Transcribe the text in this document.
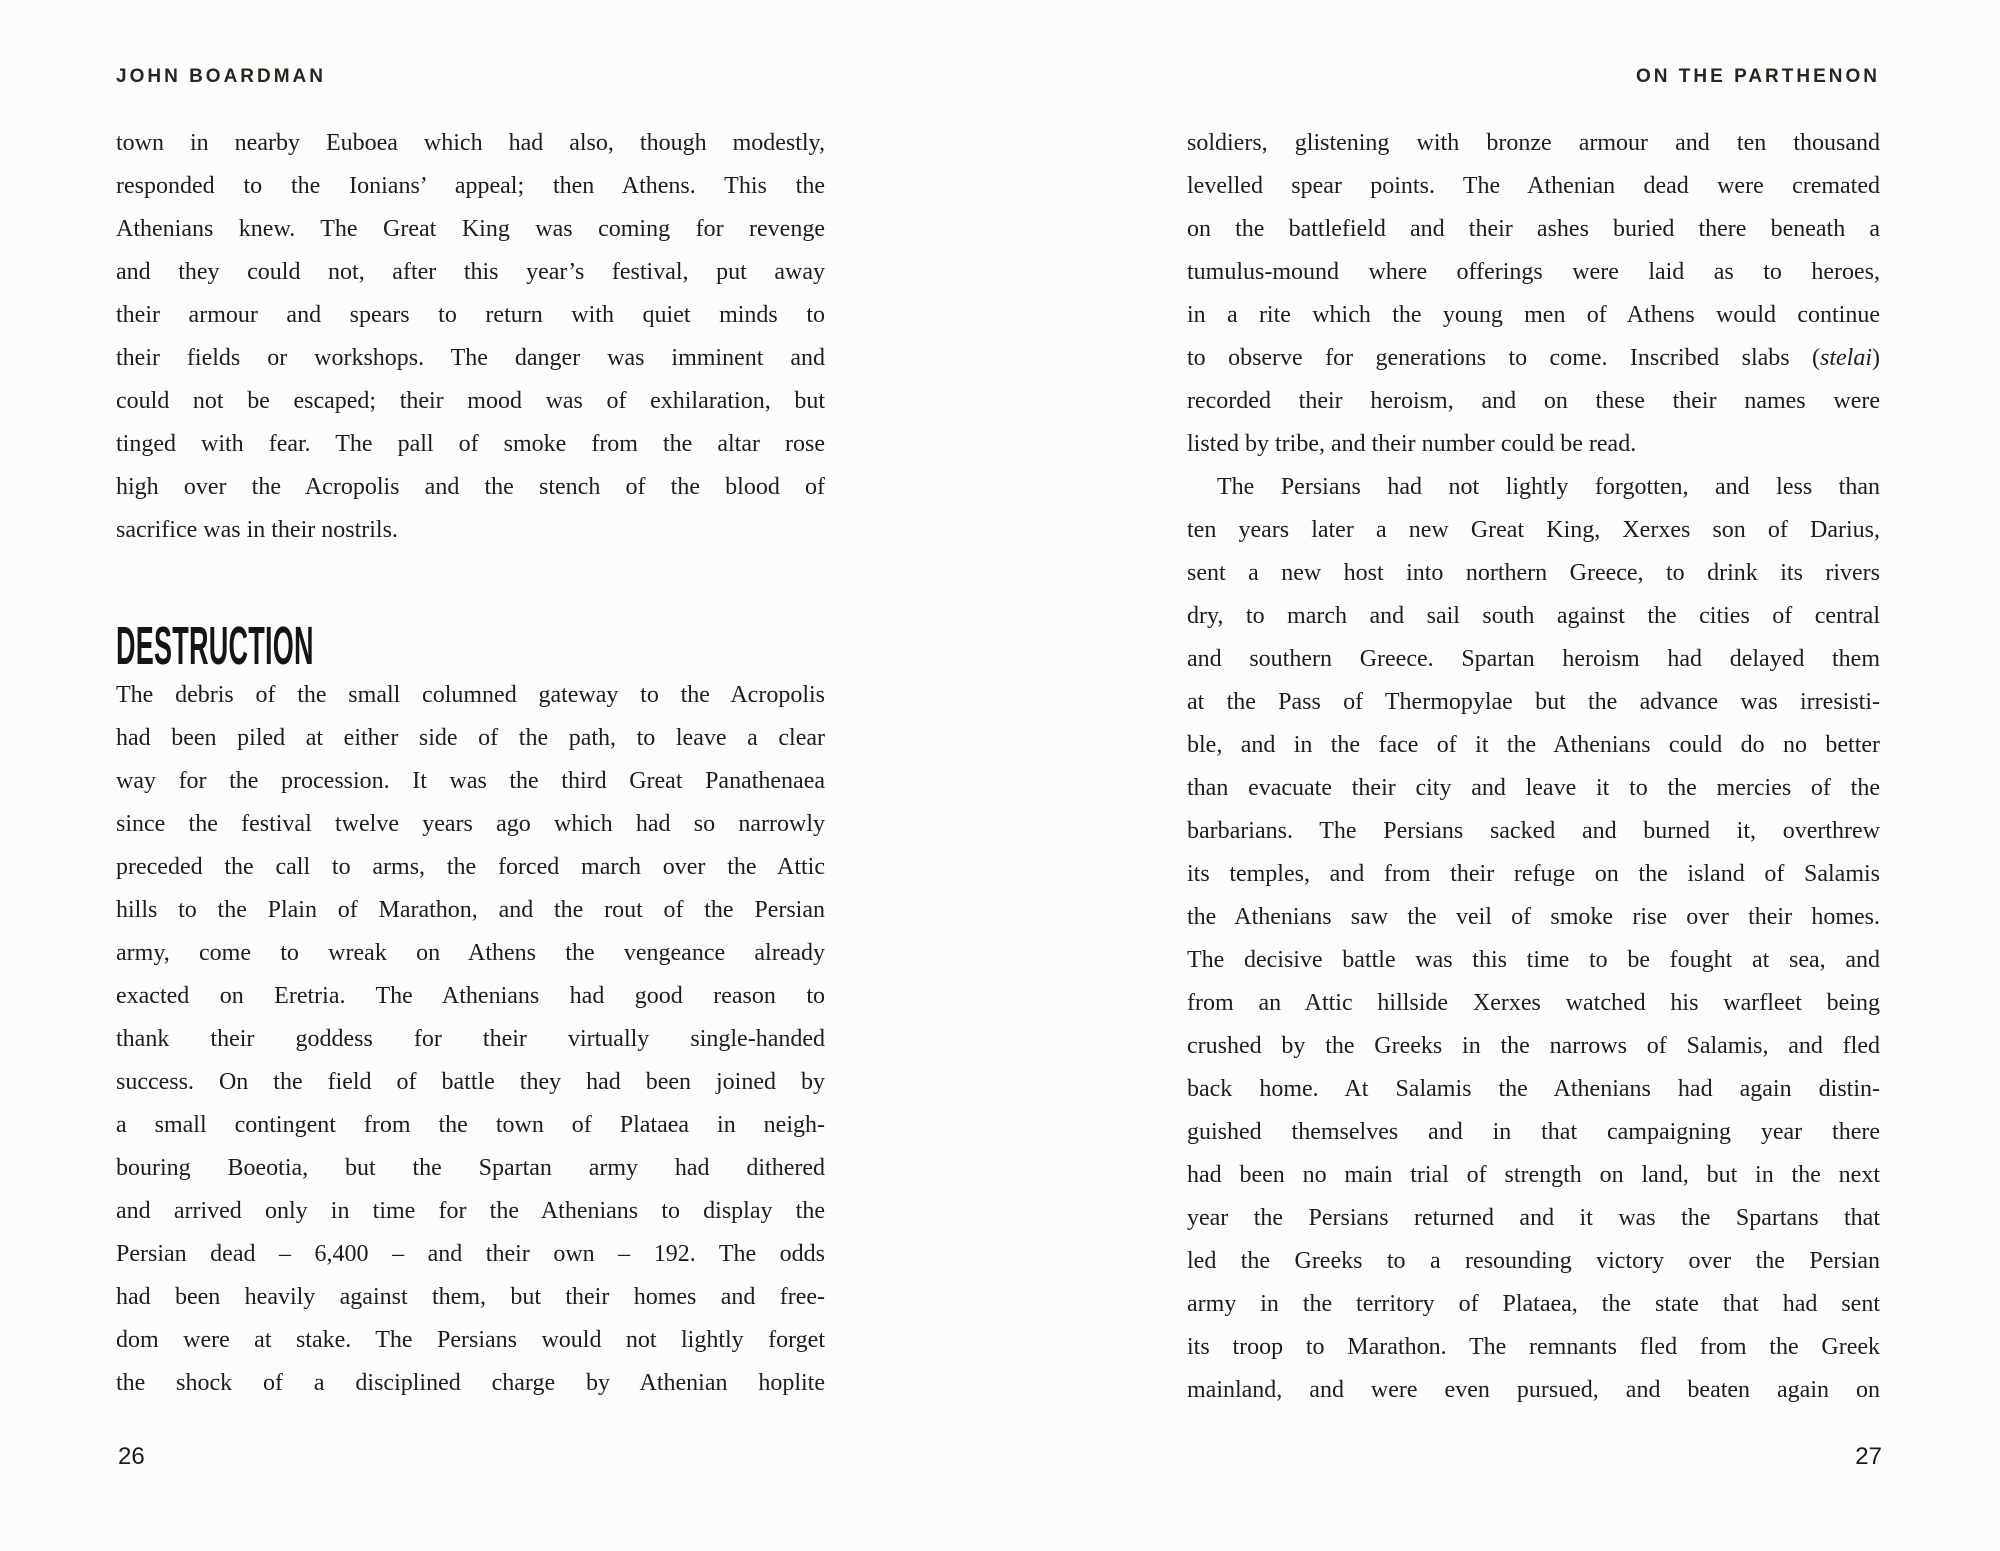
JOHN BOARDMAN
town in nearby Euboea which had also, though modestly,
responded to the Ionians’ appeal; then Athens. This the
Athenians knew. The Great King was coming for revenge
and they could not, after this year’s festival, put away
their armour and spears to return with quiet minds to
their fields or workshops. The danger was imminent and
could not be escaped; their mood was of exhilaration, but
tinged with fear. The pall of smoke from the altar rose
high over the Acropolis and the stench of the blood of
sacrifice was in their nostrils.
DESTRUCTION
The debris of the small columned gateway to the Acropolis
had been piled at either side of the path, to leave a clear
way for the procession. It was the third Great Panathenaea
since the festival twelve years ago which had so narrowly
preceded the call to arms, the forced march over the Attic
hills to the Plain of Marathon, and the rout of the Persian
army, come to wreak on Athens the vengeance already
exacted on Eretria. The Athenians had good reason to
thank their goddess for their virtually single-handed
success. On the field of battle they had been joined by
a small contingent from the town of Plataea in neigh-
bouring Boeotia, but the Spartan army had dithered
and arrived only in time for the Athenians to display the
Persian dead – 6,400 – and their own – 192. The odds
had been heavily against them, but their homes and free-
dom were at stake. The Persians would not lightly forget
the shock of a disciplined charge by Athenian hoplite
26
ON THE PARTHENON
soldiers, glistening with bronze armour and ten thousand
levelled spear points. The Athenian dead were cremated
on the battlefield and their ashes buried there beneath a
tumulus-mound where offerings were laid as to heroes,
in a rite which the young men of Athens would continue
to observe for generations to come. Inscribed slabs (stelai)
recorded their heroism, and on these their names were
listed by tribe, and their number could be read.
The Persians had not lightly forgotten, and less than
ten years later a new Great King, Xerxes son of Darius,
sent a new host into northern Greece, to drink its rivers
dry, to march and sail south against the cities of central
and southern Greece. Spartan heroism had delayed them
at the Pass of Thermopylae but the advance was irresisti-
ble, and in the face of it the Athenians could do no better
than evacuate their city and leave it to the mercies of the
barbarians. The Persians sacked and burned it, overthrew
its temples, and from their refuge on the island of Salamis
the Athenians saw the veil of smoke rise over their homes.
The decisive battle was this time to be fought at sea, and
from an Attic hillside Xerxes watched his warfleet being
crushed by the Greeks in the narrows of Salamis, and fled
back home. At Salamis the Athenians had again distin-
guished themselves and in that campaigning year there
had been no main trial of strength on land, but in the next
year the Persians returned and it was the Spartans that
led the Greeks to a resounding victory over the Persian
army in the territory of Plataea, the state that had sent
its troop to Marathon. The remnants fled from the Greek
mainland, and were even pursued, and beaten again on
27
